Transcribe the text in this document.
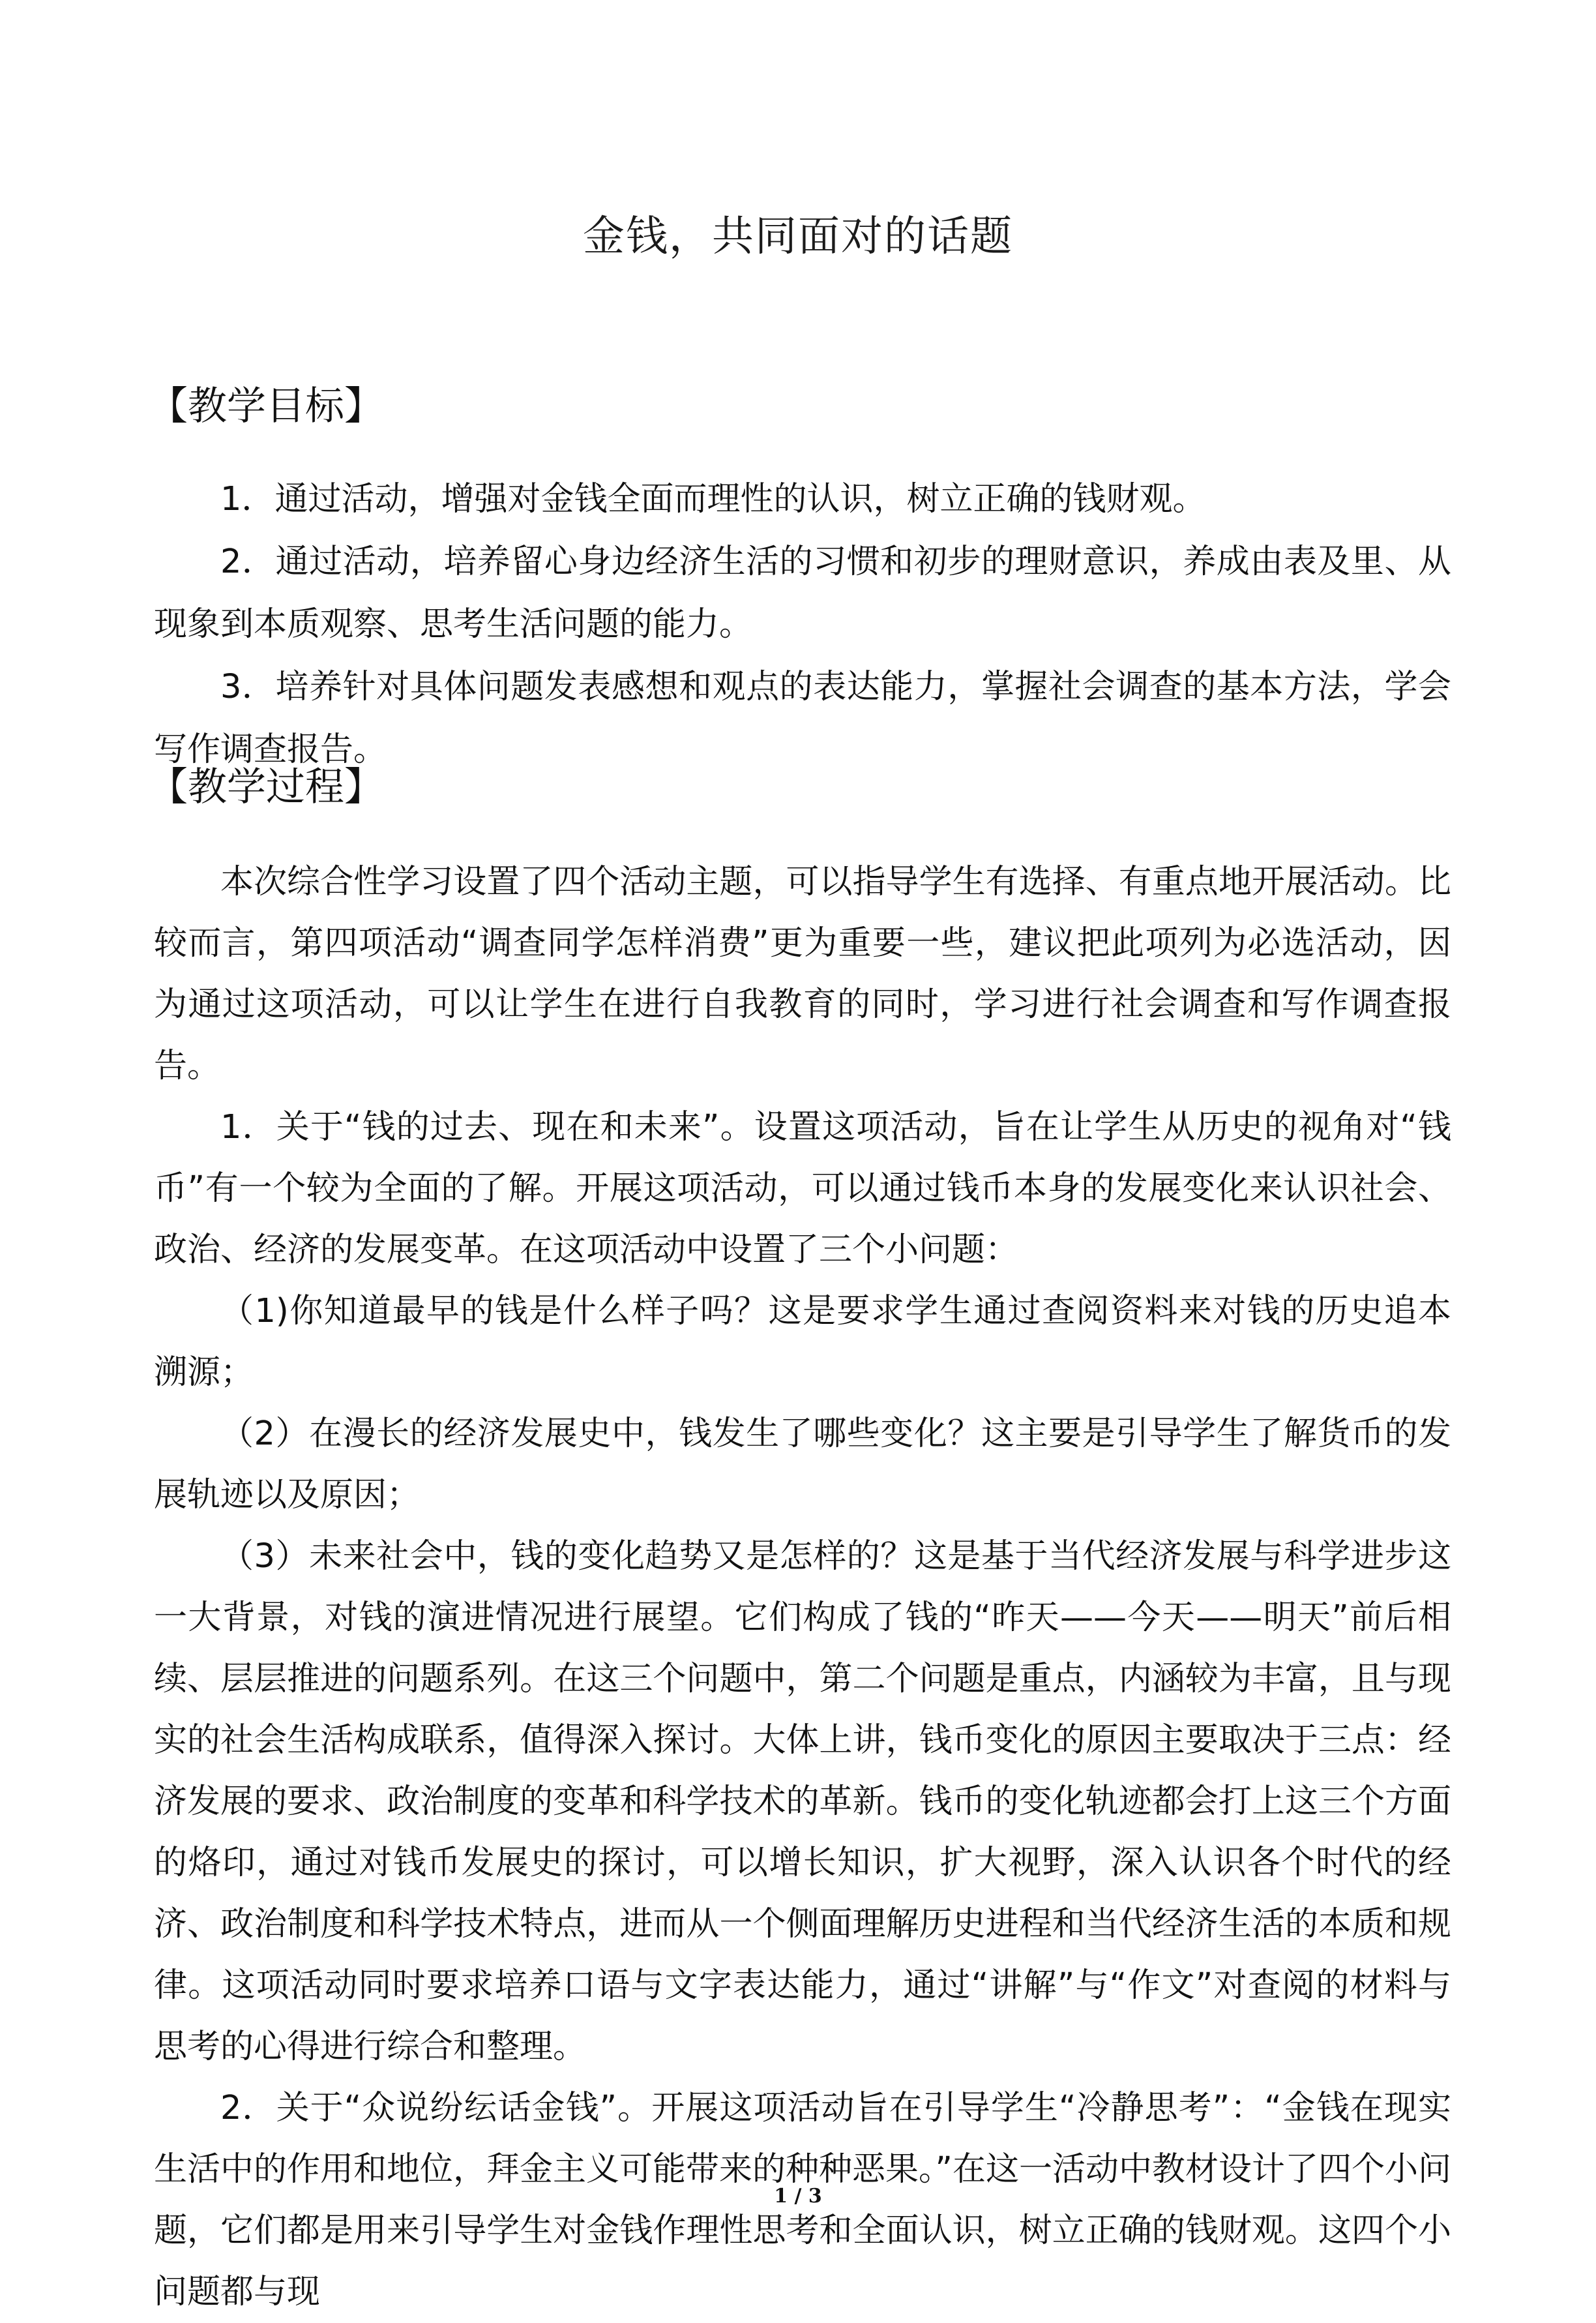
金钱，共同面对的话题
【教学目标】

1．通过活动，增强对金钱全面而理性的认识，树立正确的钱财观。

2．通过活动，培养留心身边经济生活的习惯和初步的理财意识，养成由表及里、从现象到本质观察、思考生活问题的能力。

3．培养针对具体问题发表感想和观点的表达能力，掌握社会调查的基本方法，学会写作调查报告。

【教学过程】

本次综合性学习设置了四个活动主题，可以指导学生有选择、有重点地开展活动。比较而言，第四项活动“调查同学怎样消费”更为重要一些，建议把此项列为必选活动，因为通过这项活动，可以让学生在进行自我教育的同时，学习进行社会调查和写作调查报告。

1．关于“钱的过去、现在和未来”。设置这项活动，旨在让学生从历史的视角对“钱币”有一个较为全面的了解。开展这项活动，可以通过钱币本身的发展变化来认识社会、政治、经济的发展变革。在这项活动中设置了三个小问题：

（1)你知道最早的钱是什么样子吗？这是要求学生通过查阅资料来对钱的历史追本溯源；

（2）在漫长的经济发展史中，钱发生了哪些变化？这主要是引导学生了解货币的发展轨迹以及原因；

（3）未来社会中，钱的变化趋势又是怎样的？这是基于当代经济发展与科学进步这一大背景，对钱的演进情况进行展望。它们构成了钱的“昨天——今天——明天”前后相续、层层推进的问题系列。在这三个问题中，第二个问题是重点，内涵较为丰富，且与现实的社会生活构成联系，值得深入探讨。大体上讲，钱币变化的原因主要取决于三点：经济发展的要求、政治制度的变革和科学技术的革新。钱币的变化轨迹都会打上这三个方面的烙印，通过对钱币发展史的探讨，可以增长知识，扩大视野，深入认识各个时代的经济、政治制度和科学技术特点，进而从一个侧面理解历史进程和当代经济生活的本质和规律。这项活动同时要求培养口语与文字表达能力，通过“讲解”与“作文”对查阅的材料与思考的心得进行综合和整理。

2．关于“众说纷纭话金钱”。开展这项活动旨在引导学生“冷静思考”：“金钱在现实生活中的作用和地位，拜金主义可能带来的种种恶果。”在这一活动中教材设计了四个小问题，它们都是用来引导学生对金钱作理性思考和全面认识，树立正确的钱财观。这四个小问题都与现

1 / 3
